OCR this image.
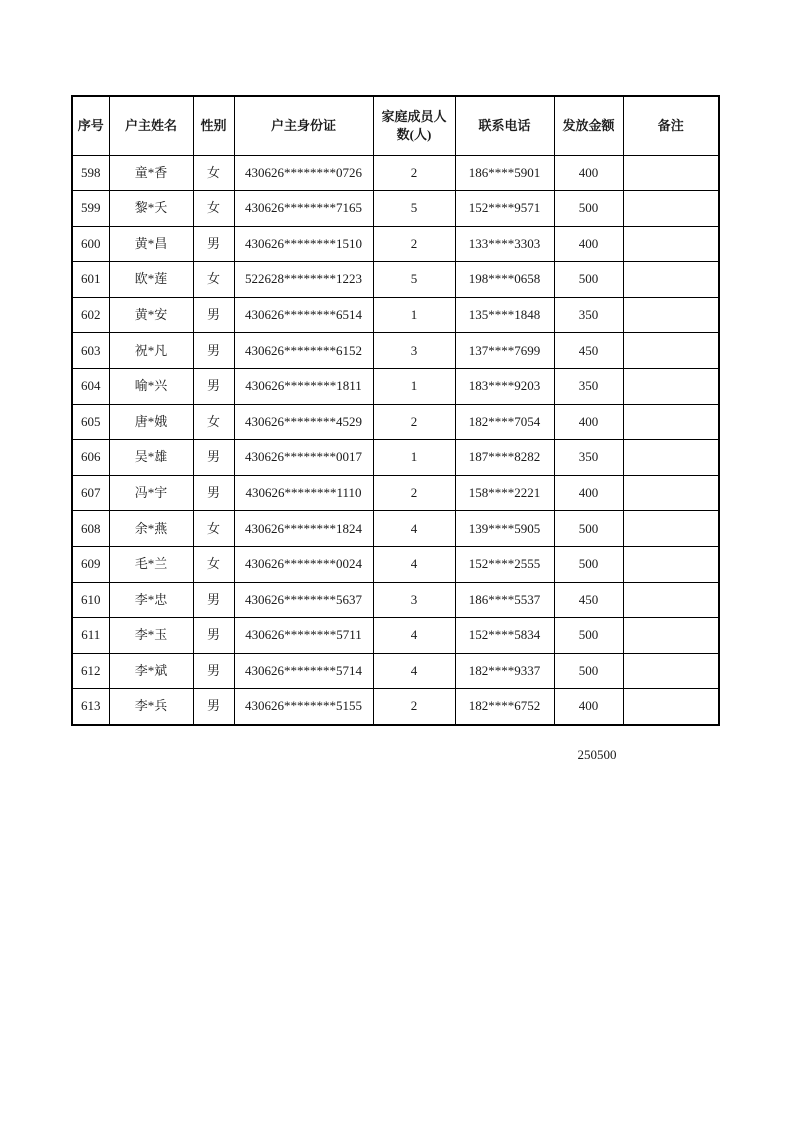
序号	户主姓名	性别	户主身份证	家庭成员人数(人)	联系电话	发放金额	备注
598	童*香	女	430626********0726	2	186****5901	400	
599	黎*夭	女	430626********7165	5	152****9571	500	
600	黄*昌	男	430626********1510	2	133****3303	400	
601	欧*莲	女	522628********1223	5	198****0658	500	
602	黄*安	男	430626********6514	1	135****1848	350	
603	祝*凡	男	430626********6152	3	137****7699	450	
604	喻*兴	男	430626********1811	1	183****9203	350	
605	唐*娥	女	430626********4529	2	182****7054	400	
606	吴*雄	男	430626********0017	1	187****8282	350	
607	冯*宇	男	430626********1110	2	158****2221	400	
608	余*燕	女	430626********1824	4	139****5905	500	
609	毛*兰	女	430626********0024	4	152****2555	500	
610	李*忠	男	430626********5637	3	186****5537	450	
611	李*玉	男	430626********5711	4	152****5834	500	
612	李*斌	男	430626********5714	4	182****9337	500	
613	李*兵	男	430626********5155	2	182****6752	400	
250500
